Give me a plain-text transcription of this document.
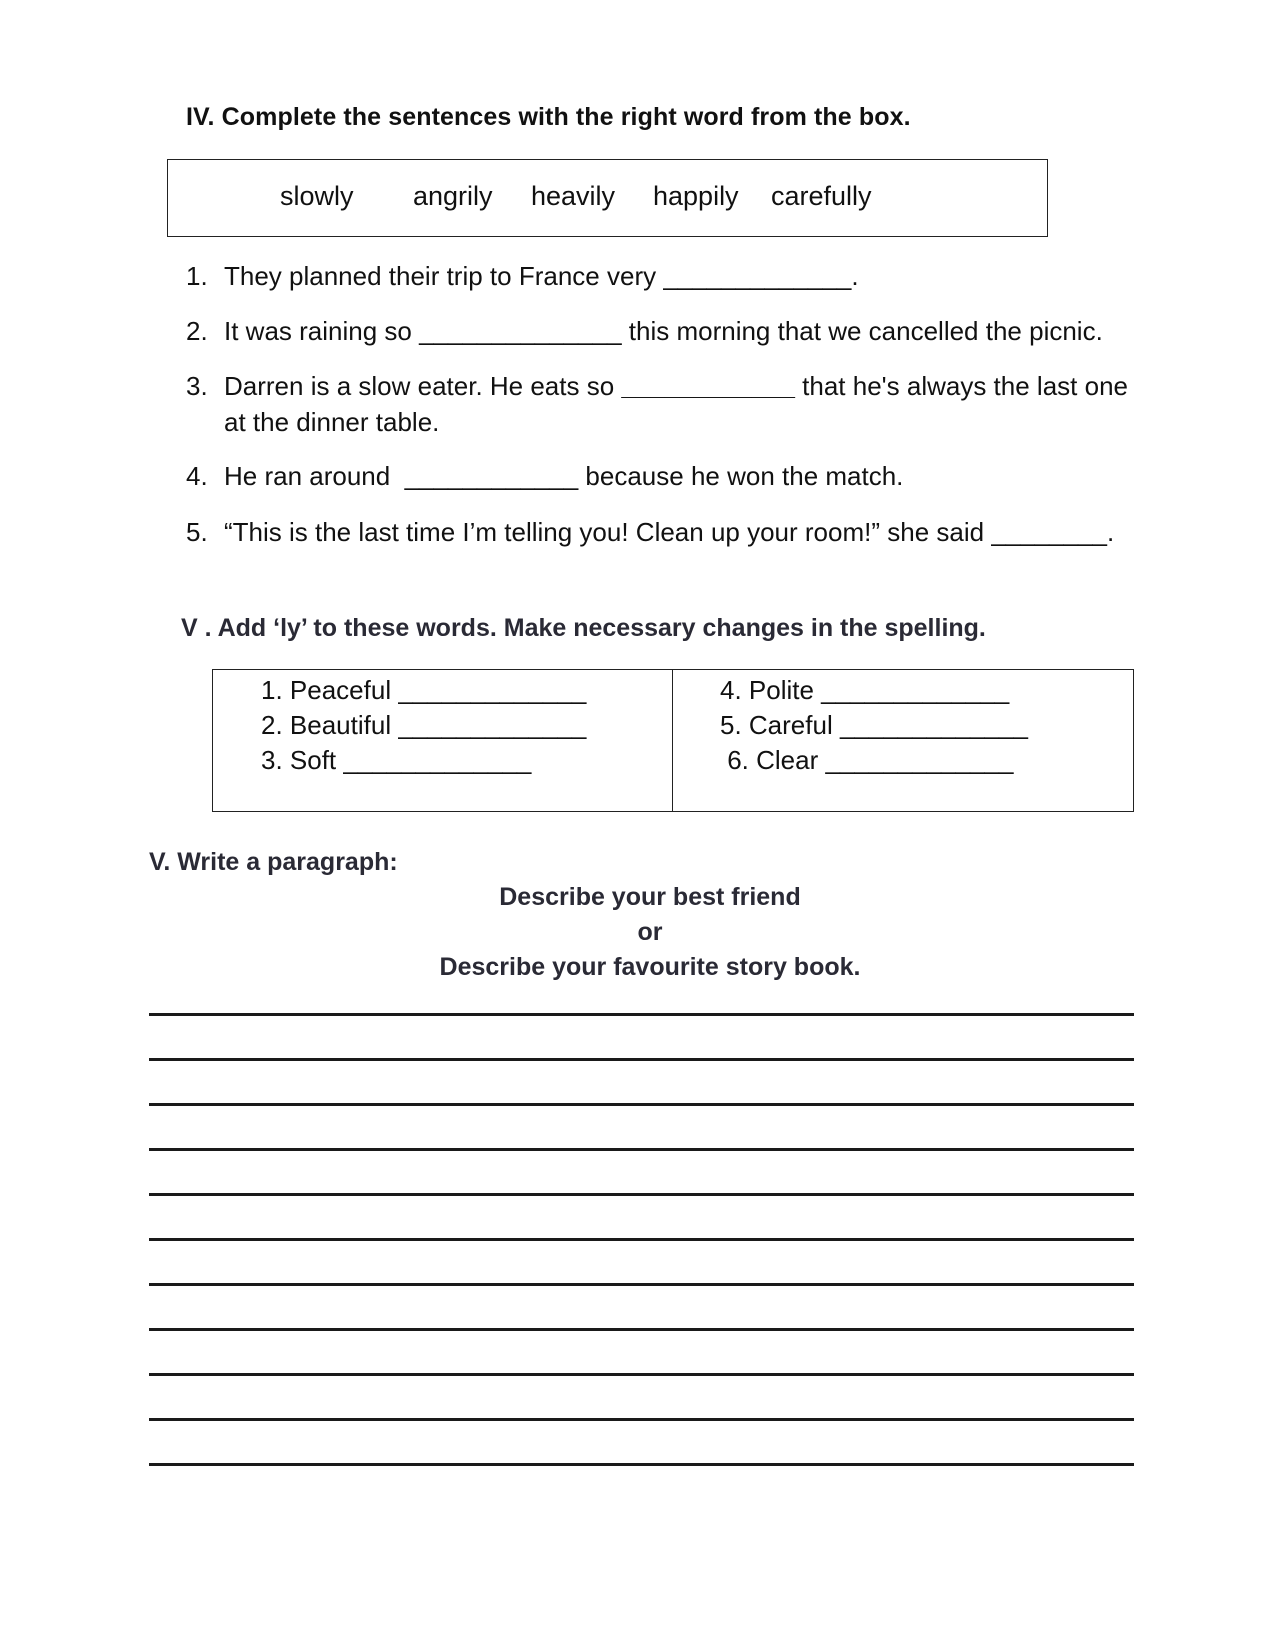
IV. Complete the sentences with the right word from the box.
slowly angrily heavily happily carefully
1. They planned their trip to France very _____________.
2. It was raining so ______________ this morning that we cancelled the picnic.
3. Darren is a slow eater. He eats so ____________ that he's always the last one
at the dinner table.
4. He ran around  ____________ because he won the match.
5. “This is the last time I’m telling you! Clean up your room!” she said ________.
V . Add ‘ly’ to these words. Make necessary changes in the spelling.
1. Peaceful _____________
2. Beautiful _____________
3. Soft _____________
4. Polite _____________
5. Careful _____________
6. Clear _____________
V. Write a paragraph:
Describe your best friend
or
Describe your favourite story book.
